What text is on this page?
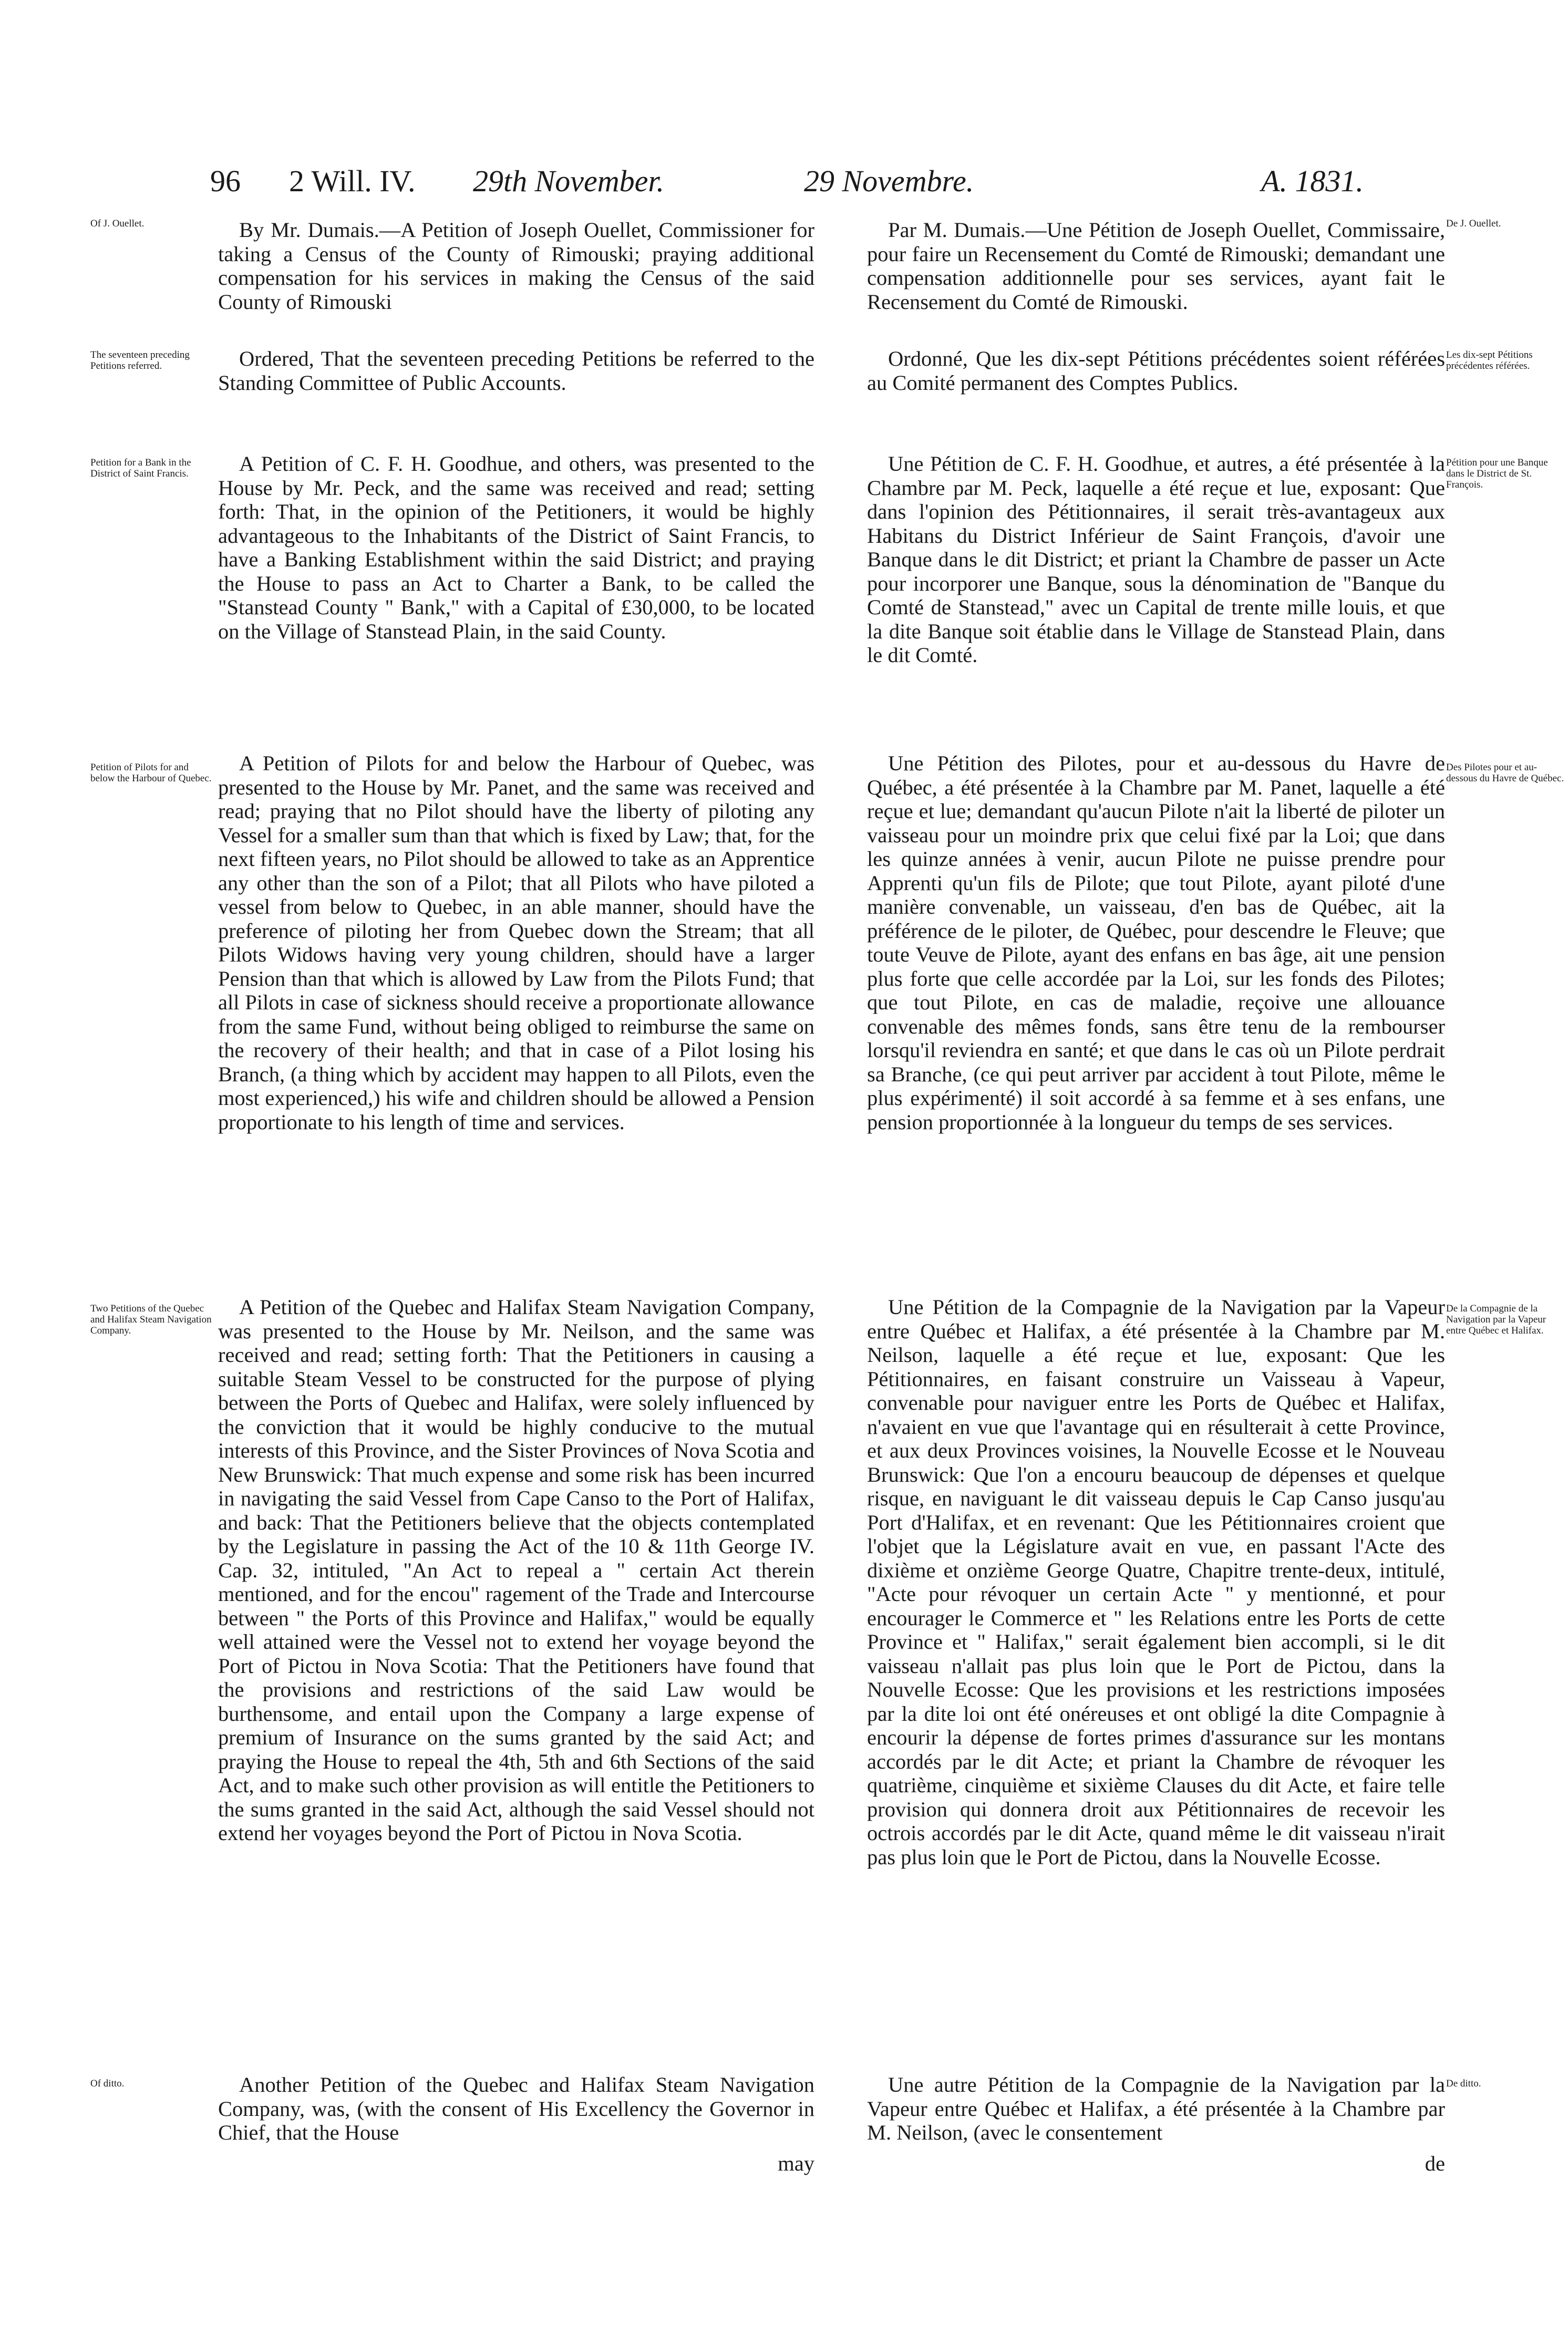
96 2 Will. IV. 29th November.	29 Novembre.	A. 1831.

Of J. Ouellet.

The seventeen preceding Petitions referred.

Petition for a Bank in the District of Saint Francis.

Petition of Pilots for and below the Harbour of Quebec.

Two Petitions of the Quebec and Halifax Steam Navigation Company.

Of ditto.

By Mr. Dumais.—A Petition of Joseph Ouellet, Commissioner for taking a Census of the County of Rimouski; praying additional compensation for his services in making the Census of the said County of Rimouski

Ordered, That the seventeen preceding Petitions be referred to the Standing Committee of Public Accounts.

A Petition of C. F. H. Goodhue, and others, was presented to the House by Mr. Peck, and the same was received and read; setting forth: That, in the opinion of the Petitioners, it would be highly advantageous to the Inhabitants of the District of Saint Francis, to have a Banking Establishment within the said District; and praying the House to pass an Act to Charter a Bank, to be called the "Stanstead County " Bank," with a Capital of £30,000, to be located on the Village of Stanstead Plain, in the said County.

A Petition of Pilots for and below the Harbour of Quebec, was presented to the House by Mr. Panet, and the same was received and read; praying that no Pilot should have the liberty of piloting any Vessel for a smaller sum than that which is fixed by Law; that, for the next fifteen years, no Pilot should be allowed to take as an Apprentice any other than the son of a Pilot; that all Pilots who have piloted a vessel from below to Quebec, in an able manner, should have the preference of piloting her from Quebec down the Stream; that all Pilots Widows having very young children, should have a larger Pension than that which is allowed by Law from the Pilots Fund; that all Pilots in case of sickness should receive a proportionate allowance from the same Fund, without being obliged to reimburse the same on the recovery of their health; and that in case of a Pilot losing his Branch, (a thing which by accident may happen to all Pilots, even the most experienced,) his wife and children should be allowed a Pension proportionate to his length of time and services.

A Petition of the Quebec and Halifax Steam Navigation Company, was presented to the House by Mr. Neilson, and the same was received and read; setting forth: That the Petitioners in causing a suitable Steam Vessel to be constructed for the purpose of plying between the Ports of Quebec and Halifax, were solely influenced by the conviction that it would be highly conducive to the mutual interests of this Province, and the Sister Provinces of Nova Scotia and New Brunswick: That much expense and some risk has been incurred in navigating the said Vessel from Cape Canso to the Port of Halifax, and back: That the Petitioners believe that the objects contemplated by the Legislature in passing the Act of the 10 & 11th George IV. Cap. 32, intituled, "An Act to repeal a " certain Act therein mentioned, and for the encou" ragement of the Trade and Intercourse between " the Ports of this Province and Halifax," would be equally well attained were the Vessel not to extend her voyage beyond the Port of Pictou in Nova Scotia: That the Petitioners have found that the provisions and restrictions of the said Law would be burthensome, and entail upon the Company a large expense of premium of Insurance on the sums granted by the said Act; and praying the House to repeal the 4th, 5th and 6th Sections of the said Act, and to make such other provision as will entitle the Petitioners to the sums granted in the said Act, although the said Vessel should not extend her voyages beyond the Port of Pictou in Nova Scotia.

Another Petition of the Quebec and Halifax Steam Navigation Company, was, (with the consent of His Excellency the Governor in Chief, that the House

may

Par M. Dumais.—Une Pétition de Joseph Ouellet, Commissaire, pour faire un Recensement du Comté de Rimouski; demandant une compensation additionnelle pour ses services, ayant fait le Recensement du Comté de Rimouski.

Ordonné, Que les dix-sept Pétitions précédentes soient référées au Comité permanent des Comptes Publics.

Une Pétition de C. F. H. Goodhue, et autres, a été présentée à la Chambre par M. Peck, laquelle a été reçue et lue, exposant: Que dans l'opinion des Pétitionnaires, il serait très-avantageux aux Habitans du District Inférieur de Saint François, d'avoir une Banque dans le dit District; et priant la Chambre de passer un Acte pour incorporer une Banque, sous la dénomination de "Banque du Comté de Stanstead," avec un Capital de trente mille louis, et que la dite Banque soit établie dans le Village de Stanstead Plain, dans le dit Comté.

Une Pétition des Pilotes, pour et au-dessous du Havre de Québec, a été présentée à la Chambre par M. Panet, laquelle a été reçue et lue; demandant qu'aucun Pilote n'ait la liberté de piloter un vaisseau pour un moindre prix que celui fixé par la Loi; que dans les quinze années à venir, aucun Pilote ne puisse prendre pour Apprenti qu'un fils de Pilote; que tout Pilote, ayant piloté d'une manière convenable, un vaisseau, d'en bas de Québec, ait la préférence de le piloter, de Québec, pour descendre le Fleuve; que toute Veuve de Pilote, ayant des enfans en bas âge, ait une pension plus forte que celle accordée par la Loi, sur les fonds des Pilotes; que tout Pilote, en cas de maladie, reçoive une allouance convenable des mêmes fonds, sans être tenu de la rembourser lorsqu'il reviendra en santé; et que dans le cas où un Pilote perdrait sa Branche, (ce qui peut arriver par accident à tout Pilote, même le plus expérimenté) il soit accordé à sa femme et à ses enfans, une pension proportionnée à la longueur du temps de ses services.

Une Pétition de la Compagnie de la Navigation par la Vapeur entre Québec et Halifax, a été présentée à la Chambre par M. Neilson, laquelle a été reçue et lue, exposant: Que les Pétitionnaires, en faisant construire un Vaisseau à Vapeur, convenable pour naviguer entre les Ports de Québec et Halifax, n'avaient en vue que l'avantage qui en résulterait à cette Province, et aux deux Provinces voisines, la Nouvelle Ecosse et le Nouveau Brunswick: Que l'on a encouru beaucoup de dépenses et quelque risque, en naviguant le dit vaisseau depuis le Cap Canso jusqu'au Port d'Halifax, et en revenant: Que les Pétitionnaires croient que l'objet que la Législature avait en vue, en passant l'Acte des dixième et onzième George Quatre, Chapitre trente-deux, intitulé, "Acte pour révoquer un certain Acte " y mentionné, et pour encourager le Commerce et " les Relations entre les Ports de cette Province et " Halifax," serait également bien accompli, si le dit vaisseau n'allait pas plus loin que le Port de Pictou, dans la Nouvelle Ecosse: Que les provisions et les restrictions imposées par la dite loi ont été onéreuses et ont obligé la dite Compagnie à encourir la dépense de fortes primes d'assurance sur les montans accordés par le dit Acte; et priant la Chambre de révoquer les quatrième, cinquième et sixième Clauses du dit Acte, et faire telle provision qui donnera droit aux Pétitionnaires de recevoir les octrois accordés par le dit Acte, quand même le dit vaisseau n'irait pas plus loin que le Port de Pictou, dans la Nouvelle Ecosse.

Une autre Pétition de la Compagnie de la Navigation par la Vapeur entre Québec et Halifax, a été présentée à la Chambre par M. Neilson, (avec le consentement

de

De J. Ouellet.

Les dix-sept Pétitions précédentes référées.

Pétition pour une Banque dans le District de St. François.

Des Pilotes pour et au-dessous du Havre de Québec.

De la Compagnie de la Navigation par la Vapeur entre Québec et Halifax.

De ditto.
